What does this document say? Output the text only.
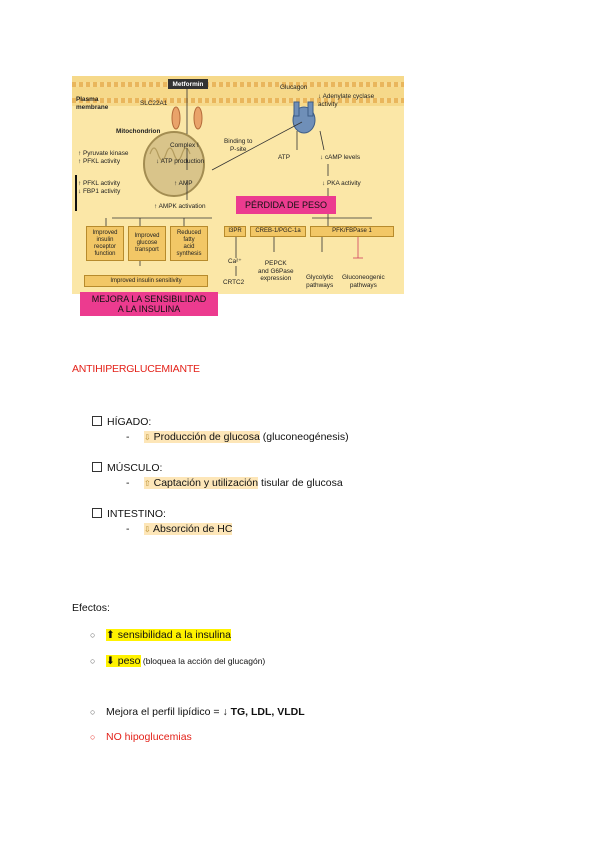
Metformin
Plasma
membrane	SLC22A1
Glucagon
↓ Adenylate cyclase
activity
Mitochondrion
Complex I
↓ ATP production
↑ AMP
Binding to
P-site
ATP	↓ cAMP levels
↓ PKA activity
↑ Pyruvate kinase
↑ PFKL activity
↑ PFKL activity
↓ FBP1 activity
↑ AMPK activation
Improved
insulin
receptor
function
Improved
glucose
transport
Reduced
fatty
acid
synthesis
Improved insulin sensitivity
I3PR	CREB-1/PGC-1a	PFK/FBPase 1
Ca²⁺
CRTC2
PEPCK
and G6Pase
expression	Glycolytic
pathways
Gluconeogenic
pathways
PÉRDIDA DE PESO
MEJORA LA SENSIBILIDAD
A LA INSULINA
ANTIHIPERGLUCEMIANTE
HÍGADO:
- ⇩ Producción de glucosa (gluconeogénesis)
MÚSCULO:
- ⇧ Captación y utilización tisular de glucosa
INTESTINO:
- ⇩ Absorción de HC
Efectos:
○ ⬆ sensibilidad a la insulina
○ ⬇ peso (bloquea la acción del glucagón)
○ Mejora el perfil lipídico = ↓ TG, LDL, VLDL
○ NO hipoglucemias
